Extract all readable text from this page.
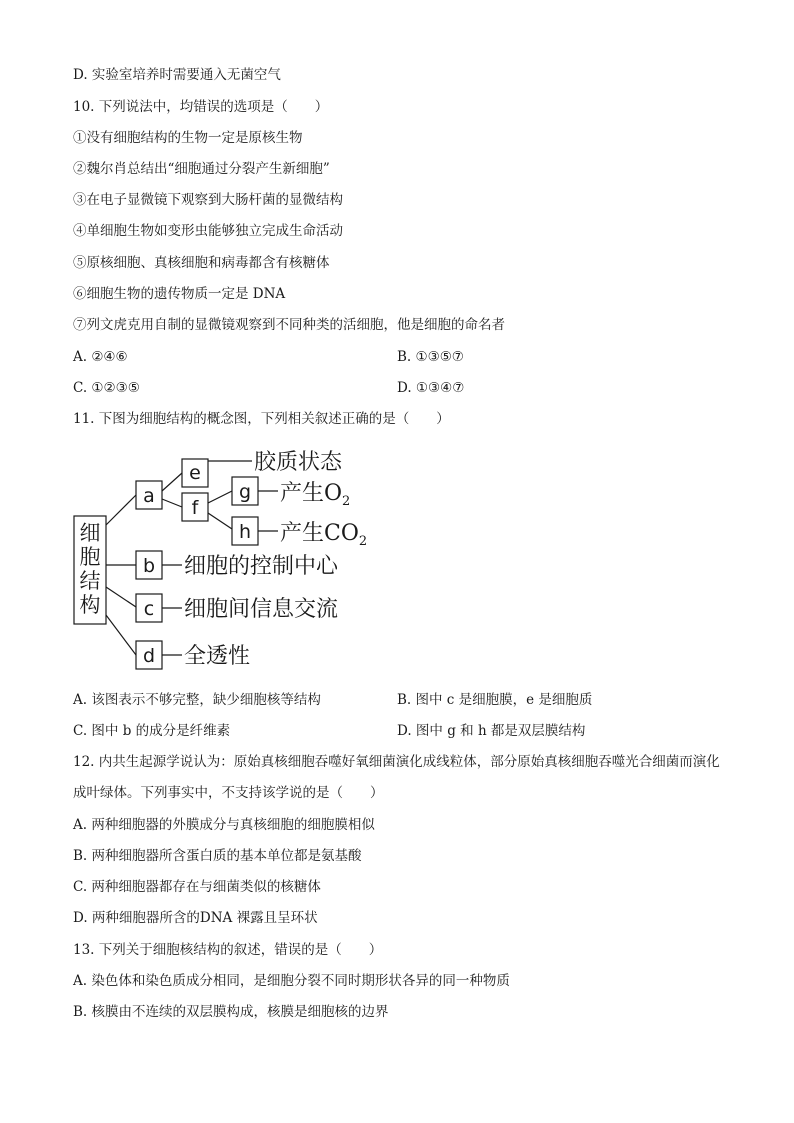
D. 实验室培养时需要通入无菌空气
10. 下列说法中，均错误的选项是（　　）
①没有细胞结构的生物一定是原核生物
②魏尔肖总结出“细胞通过分裂产生新细胞”
③在电子显微镜下观察到大肠杆菌的显微结构
④单细胞生物如变形虫能够独立完成生命活动
⑤原核细胞、真核细胞和病毒都含有核糖体
⑥细胞生物的遗传物质一定是 DNA
⑦列文虎克用自制的显微镜观察到不同种类的活细胞，他是细胞的命名者
A. ②④⑥	B. ①③⑤⑦
C. ①②③⑤	D. ①③④⑦
11. 下图为细胞结构的概念图，下列相关叙述正确的是（　　）
细
胞
结
构
a
b
c
d
e
f
g
h
胶质状态
产生$O_2$
产生$CO_2$
细胞的控制中心
细胞间信息交流
全透性
A. 该图表示不够完整，缺少细胞核等结构	B. 图中 c 是细胞膜，e 是细胞质
C. 图中 b 的成分是纤维素	D. 图中 g 和 h 都是双层膜结构
12. 内共生起源学说认为：原始真核细胞吞噬好氧细菌演化成线粒体，部分原始真核细胞吞噬光合细菌而演化成叶绿体。下列事实中，不支持该学说的是（　　）
A. 两种细胞器的外膜成分与真核细胞的细胞膜相似
B. 两种细胞器所含蛋白质的基本单位都是氨基酸
C. 两种细胞器都存在与细菌类似的核糖体
D. 两种细胞器所含的DNA 裸露且呈环状
13. 下列关于细胞核结构的叙述，错误的是（　　）
A. 染色体和染色质成分相同，是细胞分裂不同时期形状各异的同一种物质
B. 核膜由不连续的双层膜构成，核膜是细胞核的边界
